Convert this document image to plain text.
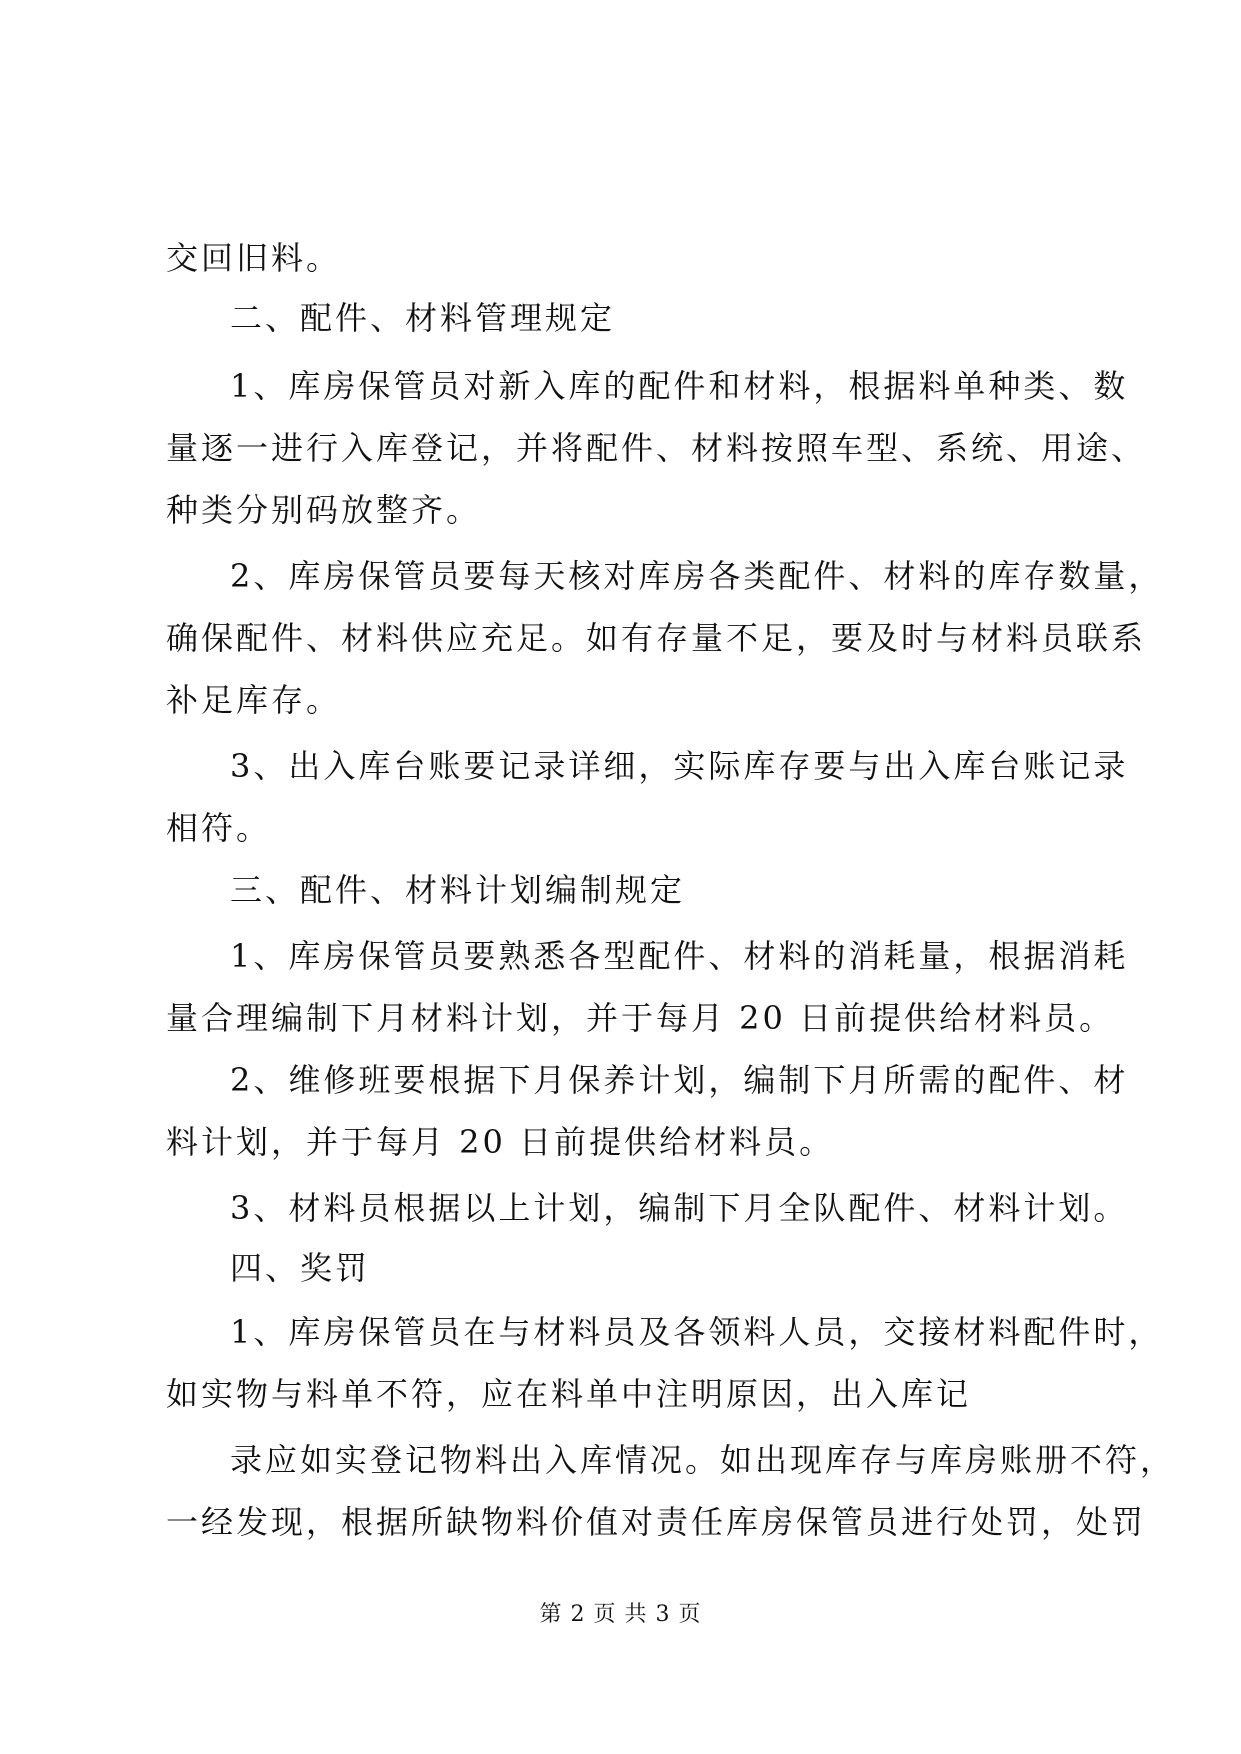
交回旧料。
二、配件、材料管理规定
1、库房保管员对新入库的配件和材料，根据料单种类、数
量逐一进行入库登记，并将配件、材料按照车型、系统、用途、
种类分别码放整齐。
2、库房保管员要每天核对库房各类配件、材料的库存数量，
确保配件、材料供应充足。如有存量不足，要及时与材料员联系
补足库存。
3、出入库台账要记录详细，实际库存要与出入库台账记录
相符。
三、配件、材料计划编制规定
1、库房保管员要熟悉各型配件、材料的消耗量，根据消耗
量合理编制下月材料计划，并于每月 20 日前提供给材料员。
2、维修班要根据下月保养计划，编制下月所需的配件、材
料计划，并于每月 20 日前提供给材料员。
3、材料员根据以上计划，编制下月全队配件、材料计划。
四、奖罚
1、库房保管员在与材料员及各领料人员，交接材料配件时，
如实物与料单不符，应在料单中注明原因，出入库记
录应如实登记物料出入库情况。如出现库存与库房账册不符，
一经发现，根据所缺物料价值对责任库房保管员进行处罚，处罚
第 2 页 共 3 页
